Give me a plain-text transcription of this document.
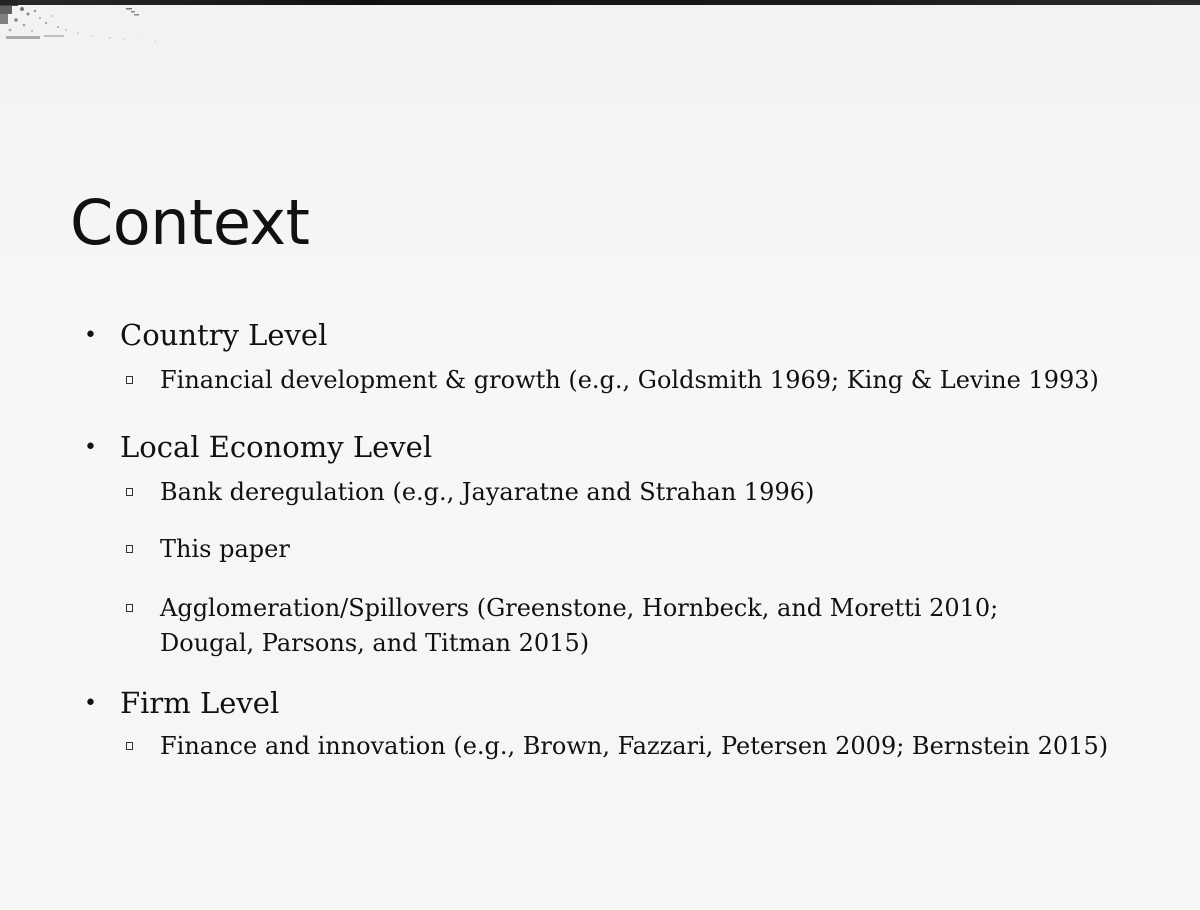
Context
• Country Level
Financial development & growth (e.g., Goldsmith 1969; King & Levine 1993)
• Local Economy Level
Bank deregulation (e.g., Jayaratne and Strahan 1996)
This paper
Agglomeration/Spillovers (Greenstone, Hornbeck, and Moretti 2010;
Dougal, Parsons, and Titman 2015)
• Firm Level
Finance and innovation (e.g., Brown, Fazzari, Petersen 2009; Bernstein 2015)
